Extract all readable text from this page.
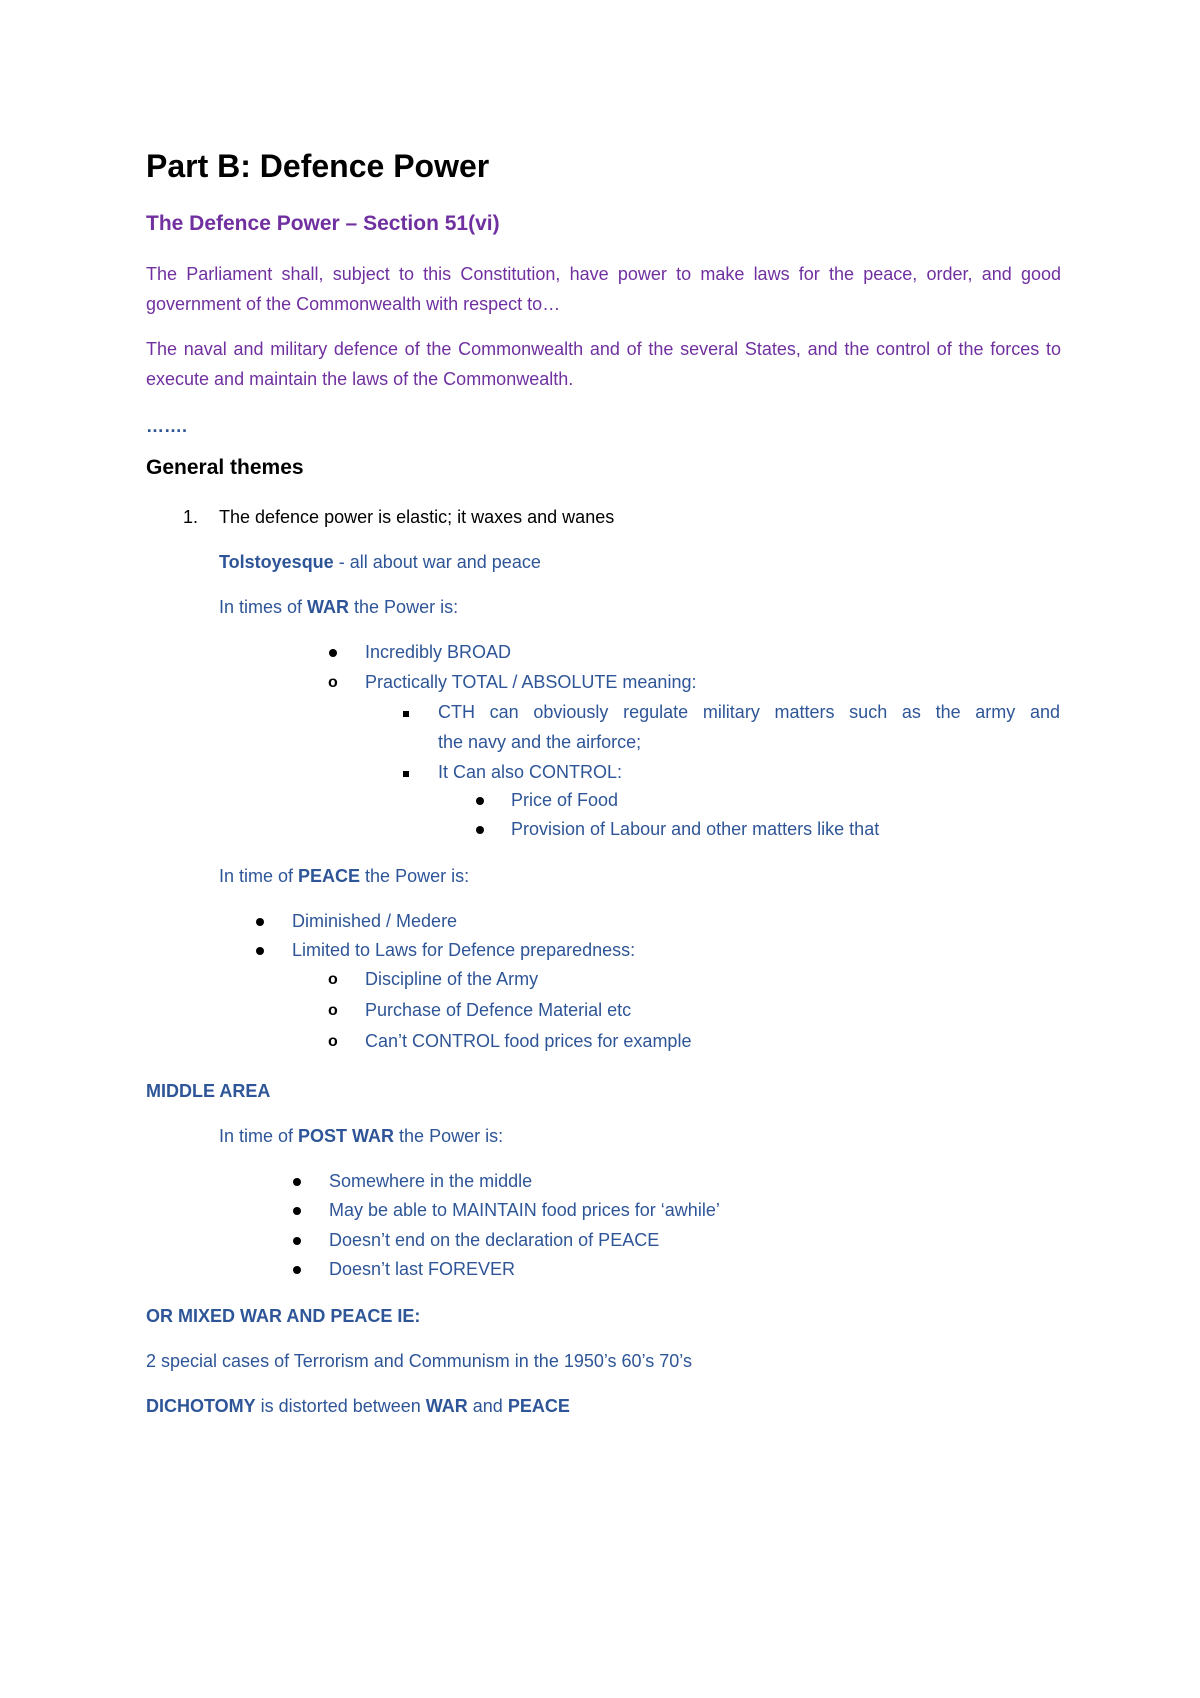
Part B: Defence Power
The Defence Power – Section 51(vi)
The Parliament shall, subject to this Constitution, have power to make laws for the peace, order, and good government of the Commonwealth with respect to…
The naval and military defence of the Commonwealth and of the several States, and the control of the forces to execute and maintain the laws of the Commonwealth.
…….
General themes
1. The defence power is elastic; it waxes and wanes
Tolstoyesque - all about war and peace
In times of WAR the Power is:
Incredibly BROAD
o Practically TOTAL / ABSOLUTE meaning:
CTH can obviously regulate military matters such as the army and
the navy and the airforce;
It Can also CONTROL:
Price of Food
Provision of Labour and other matters like that
In time of PEACE the Power is:
Diminished / Medere
Limited to Laws for Defence preparedness:
o Discipline of the Army
o Purchase of Defence Material etc
o Can’t CONTROL food prices for example
MIDDLE AREA
In time of POST WAR the Power is:
Somewhere in the middle
May be able to MAINTAIN food prices for ‘awhile’
Doesn’t end on the declaration of PEACE
Doesn’t last FOREVER
OR MIXED WAR AND PEACE IE:
2 special cases of Terrorism and Communism in the 1950’s 60’s 70’s
DICHOTOMY is distorted between WAR and PEACE
